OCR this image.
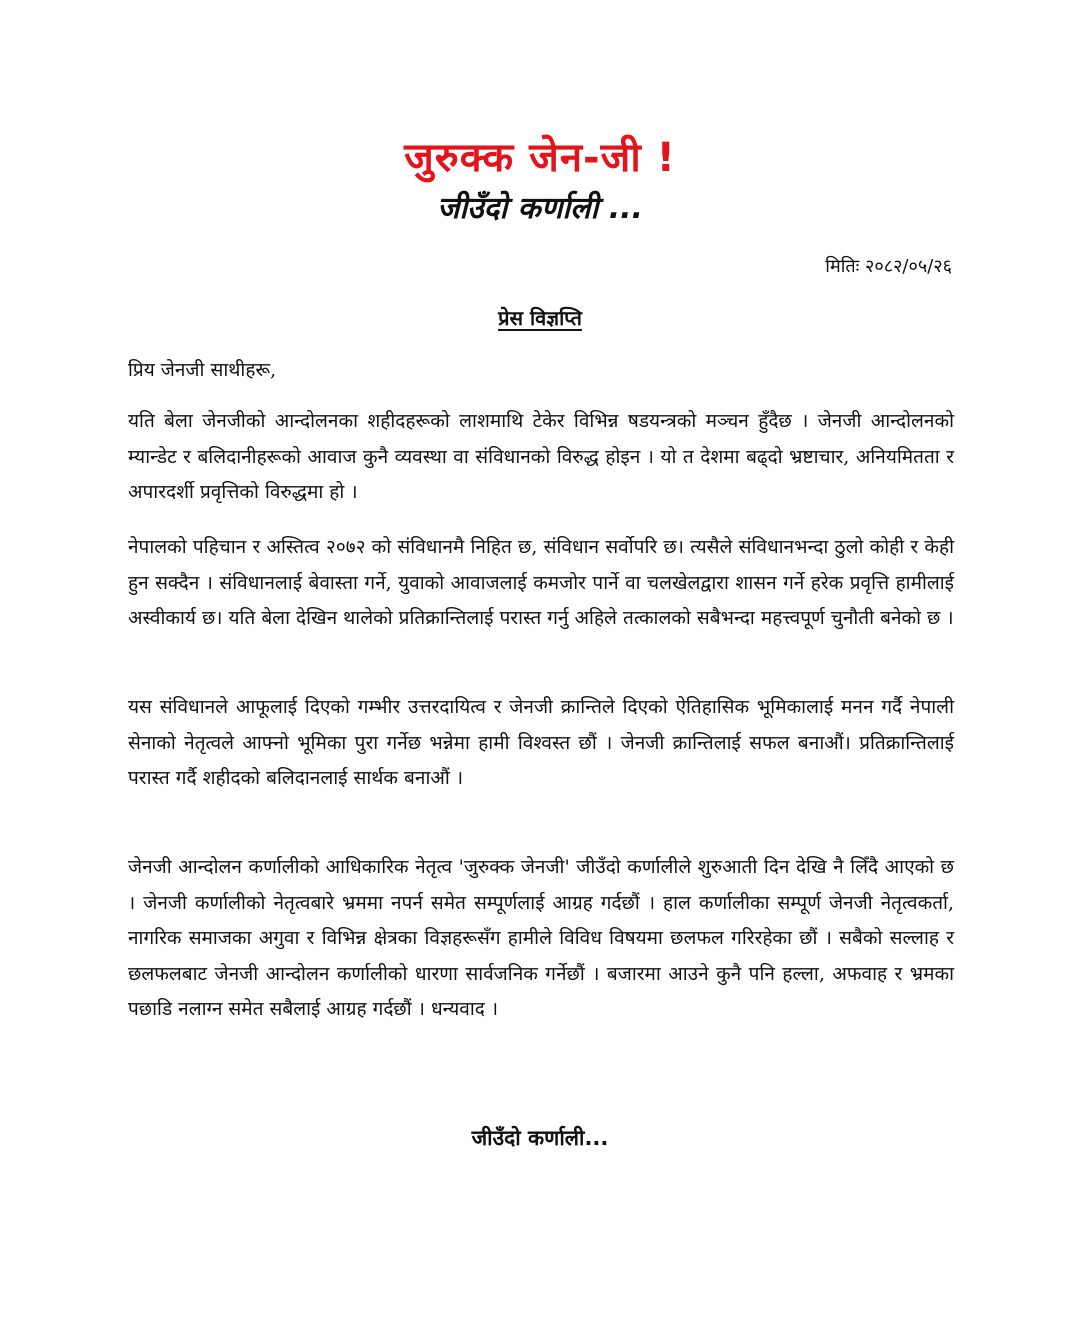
जुरुक्क जेन-जी !
जीउँदो कर्णाली ...
मितिः २०८२/०५/२६
प्रेस विज्ञप्ति
प्रिय जेनजी साथीहरू,

यति बेला जेनजीको आन्दोलनका शहीदहरूको लाशमाथि टेकेर विभिन्न षडयन्त्रको मञ्चन हुँदैछ । जेनजी आन्दोलनको म्यान्डेट र बलिदानीहरूको आवाज कुनै व्यवस्था वा संविधानको विरुद्ध होइन । यो त देशमा बढ्दो भ्रष्टाचार, अनियमितता र अपारदर्शी प्रवृत्तिको विरुद्धमा हो ।

नेपालको पहिचान र अस्तित्व २०७२ को संविधानमै निहित छ, संविधान सर्वोपरि छ। त्यसैले संविधानभन्दा ठुलो कोही र केही हुन सक्दैन । संविधानलाई बेवास्ता गर्ने, युवाको आवाजलाई कमजोर पार्ने वा चलखेलद्वारा शासन गर्ने हरेक प्रवृत्ति हामीलाई अस्वीकार्य छ। यति बेला देखिन थालेको प्रतिक्रान्तिलाई परास्त गर्नु अहिले तत्कालको सबैभन्दा महत्त्वपूर्ण चुनौती बनेको छ ।

यस संविधानले आफूलाई दिएको गम्भीर उत्तरदायित्व र जेनजी क्रान्तिले दिएको ऐतिहासिक भूमिकालाई मनन गर्दै नेपाली सेनाको नेतृत्वले आफ्नो भूमिका पुरा गर्नेछ भन्नेमा हामी विश्वस्त छौं । जेनजी क्रान्तिलाई सफल बनाऔं। प्रतिक्रान्तिलाई परास्त गर्दै शहीदको बलिदानलाई सार्थक बनाऔं ।

जेनजी आन्दोलन कर्णालीको आधिकारिक नेतृत्व 'जुरुक्क जेनजी' जीउँदो कर्णालीले शुरुआती दिन देखि नै लिँदै आएको छ । जेनजी कर्णालीको नेतृत्वबारे भ्रममा नपर्न समेत सम्पूर्णलाई आग्रह गर्दछौं । हाल कर्णालीका सम्पूर्ण जेनजी नेतृत्वकर्ता, नागरिक समाजका अगुवा र विभिन्न क्षेत्रका विज्ञहरूसँग हामीले विविध विषयमा छलफल गरिरहेका छौं । सबैको सल्लाह र छलफलबाट जेनजी आन्दोलन कर्णालीको धारणा सार्वजनिक गर्नेछौं । बजारमा आउने कुनै पनि हल्ला, अफवाह र भ्रमका पछाडि नलाग्न समेत सबैलाई आग्रह गर्दछौं । धन्यवाद ।

जीउँदो कर्णाली...
